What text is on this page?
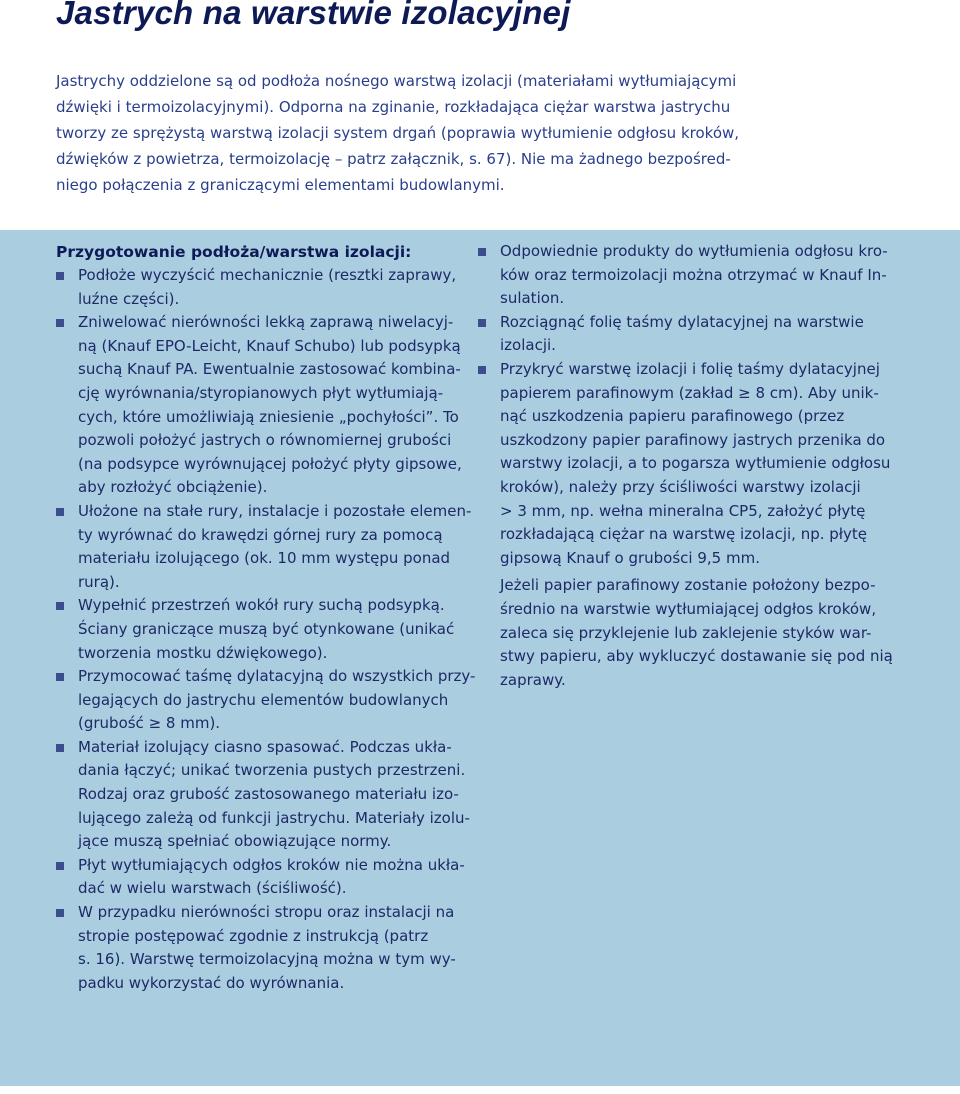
Jastrych na warstwie izolacyjnej

Jastrychy oddzielone są od podłoża nośnego warstwą izolacji (materiałami wytłumiającymi
dźwięki i termoizolacyjnymi). Odporna na zginanie, rozkładająca ciężar warstwa jastrychu
tworzy ze sprężystą warstwą izolacji system drgań (poprawia wytłumienie odgłosu kroków,
dźwięków z powietrza, termoizolację – patrz załącznik, s. 67). Nie ma żadnego bezpośred-
niego połączenia z graniczącymi elementami budowlanymi.

Przygotowanie podłoża/warstwa izolacji:
Podłoże wyczyścić mechanicznie (resztki zaprawy,
luźne części).
Zniwelować nierówności lekką zaprawą niwelacyj-
ną (Knauf EPO-Leicht, Knauf Schubo) lub podsypką
suchą Knauf PA. Ewentualnie zastosować kombina-
cję wyrównania/styropianowych płyt wytłumiają-
cych, które umożliwiają zniesienie „pochyłości”. To
pozwoli położyć jastrych o równomiernej grubości
(na podsypce wyrównującej położyć płyty gipsowe,
aby rozłożyć obciążenie).
Ułożone na stałe rury, instalacje i pozostałe elemen-
ty wyrównać do krawędzi górnej rury za pomocą
materiału izolującego (ok. 10 mm występu ponad
rurą).
Wypełnić przestrzeń wokół rury suchą podsypką.
Ściany graniczące muszą być otynkowane (unikać
tworzenia mostku dźwiękowego).
Przymocować taśmę dylatacyjną do wszystkich przy-
legających do jastrychu elementów budowlanych
(grubość ≥ 8 mm).
Materiał izolujący ciasno spasować. Podczas ukła-
dania łączyć; unikać tworzenia pustych przestrzeni.
Rodzaj oraz grubość zastosowanego materiału izo-
lującego zależą od funkcji jastrychu. Materiały izolu-
jące muszą spełniać obowiązujące normy.
Płyt wytłumiających odgłos kroków nie można ukła-
dać w wielu warstwach (ściśliwość).
W przypadku nierówności stropu oraz instalacji na
stropie postępować zgodnie z instrukcją (patrz
s. 16). Warstwę termoizolacyjną można w tym wy-
padku wykorzystać do wyrównania.
Odpowiednie produkty do wytłumienia odgłosu kro-
ków oraz termoizolacji można otrzymać w Knauf In-
sulation.
Rozciągnąć folię taśmy dylatacyjnej na warstwie
izolacji.
Przykryć warstwę izolacji i folię taśmy dylatacyjnej
papierem parafinowym (zakład ≥ 8 cm). Aby unik-
nąć uszkodzenia papieru parafinowego (przez
uszkodzony papier parafinowy jastrych przenika do
warstwy izolacji, a to pogarsza wytłumienie odgłosu
kroków), należy przy ściśliwości warstwy izolacji
> 3 mm, np. wełna mineralna CP5, założyć płytę
rozkładającą ciężar na warstwę izolacji, np. płytę
gipsową Knauf o grubości 9,5 mm.
Jeżeli papier parafinowy zostanie położony bezpo-
średnio na warstwie wytłumiającej odgłos kroków,
zaleca się przyklejenie lub zaklejenie styków war-
stwy papieru, aby wykluczyć dostawanie się pod nią
zaprawy.
